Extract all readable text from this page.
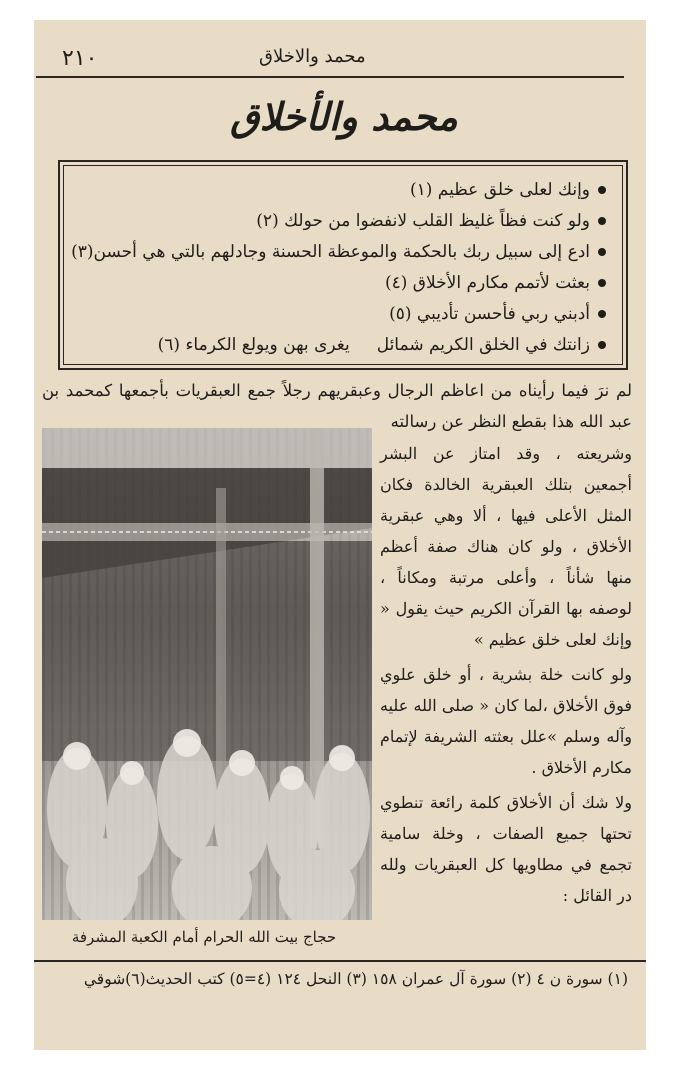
٢١٠	محمد والاخلاق
محمد والأخلاق
وإنك لعلى خلق عظيم (١)
ولو كنت فظاً غليظ القلب لانفضوا من حولك (٢)
ادع إلى سبيل ربك بالحكمة والموعظة الحسنة وجادلهم بالتي هي أحسن(٣)
بعثت لأتمم مكارم الأخلاق (٤)
أدبني ربي فأحسن تأديبي (٥)
زانتك في الخلق الكريم شمائل     يغرى بهن ويولع الكرماء (٦)

لم نرَ فيما رأيناه من اعاظم الرجال وعبقريهم رجلاً جمع العبقريات بأجمعها كمحمد بن عبد الله هذا بقطع النظر عن رسالته

حجاج بيت الله الحرام أمام الكعبة المشرفة

وشريعته ، وقد امتاز عن البشر أجمعين بتلك العبقرية الخالدة فكان المثل الأعلى فيها ، ألا وهي عبقرية الأخلاق ، ولو كان هناك صفة أعظم منها شأناً ، وأعلى مرتبة ومكاناً ، لوصفه بها القرآن الكريم حيث يقول « وإنك لعلى خلق عظيم »

ولو كانت خلة بشرية ، أو خلق علوي فوق الأخلاق ،لما كان « صلى الله عليه وآله وسلم »علل بعثته الشريفة لإتمام مكارم الأخلاق .

ولا شك أن الأخلاق كلمة رائعة تنطوي تحتها جميع الصفات ، وخلة سامية تجمع في مطاويها كل العبقريات ولله در القائل :

(١) سورة ن ٤ (٢) سورة آل عمران ١٥٨ (٣) النحل ١٢٤ (٤=٥) كتب الحديث(٦)شوقي
